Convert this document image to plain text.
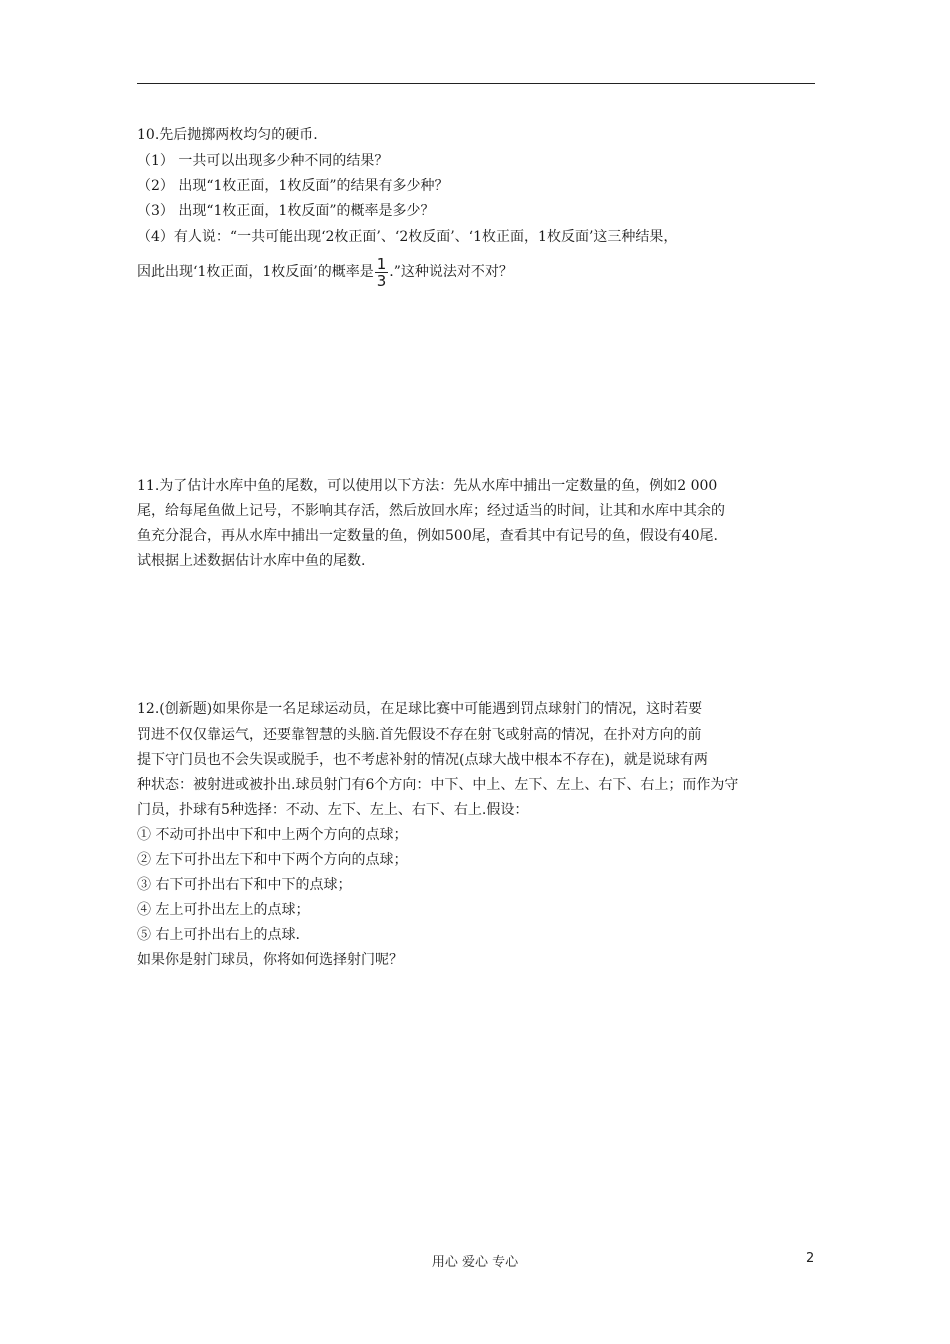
10.先后抛掷两枚均匀的硬币.
（1） 一共可以出现多少种不同的结果？
（2） 出现“1枚正面，1枚反面”的结果有多少种？
（3） 出现“1枚正面，1枚反面”的概率是多少？
（4）有人说：“一共可能出现‘2枚正面’、‘2枚反面’、‘1枚正面，1枚反面’这三种结果，
因此出现‘1枚正面，1枚反面’的概率是 $\frac{1}{3}$ .”这种说法对不对？
11.为了估计水库中鱼的尾数，可以使用以下方法：先从水库中捕出一定数量的鱼，例如2 000
尾，给每尾鱼做上记号，不影响其存活，然后放回水库；经过适当的时间，让其和水库中其余的
鱼充分混合，再从水库中捕出一定数量的鱼，例如500尾，查看其中有记号的鱼，假设有40尾.
试根据上述数据估计水库中鱼的尾数.
12.(创新题)如果你是一名足球运动员，在足球比赛中可能遇到罚点球射门的情况，这时若要
罚进不仅仅靠运气，还要靠智慧的头脑.首先假设不存在射飞或射高的情况，在扑对方向的前
提下守门员也不会失误或脱手，也不考虑补射的情况(点球大战中根本不存在)，就是说球有两
种状态：被射进或被扑出.球员射门有6个方向：中下、中上、左下、左上、右下、右上；而作为守
门员，扑球有5种选择：不动、左下、左上、右下、右上.假设：
① 不动可扑出中下和中上两个方向的点球；
② 左下可扑出左下和中下两个方向的点球；
③ 右下可扑出右下和中下的点球；
④ 左上可扑出左上的点球；
⑤ 右上可扑出右上的点球.
如果你是射门球员，你将如何选择射门呢？
用心 爱心 专心	2
